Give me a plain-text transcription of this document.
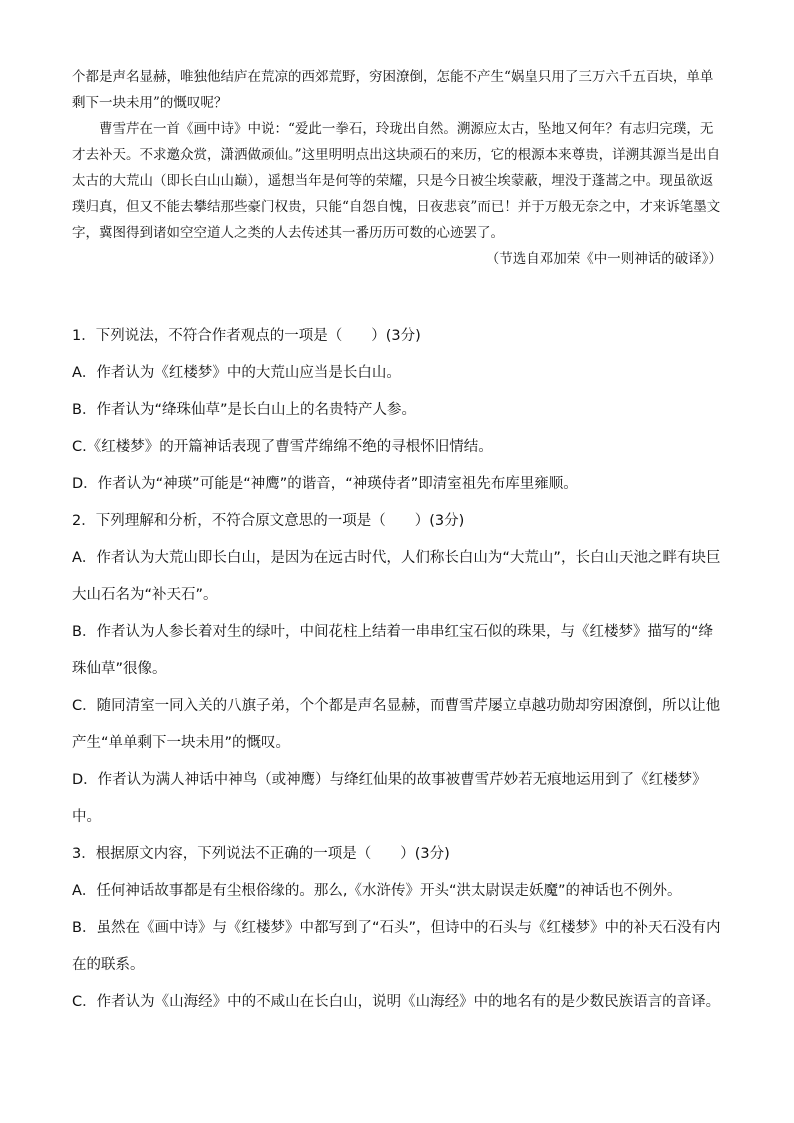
个都是声名显赫，唯独他结庐在荒凉的西郊荒野，穷困潦倒，怎能不产生“娲皇只用了三万六千五百块，单单剩下一块未用”的慨叹呢？

曹雪芹在一首《画中诗》中说：“爱此一拳石，玲珑出自然。溯源应太古，坠地又何年？有志归完璞，无才去补天。不求邀众赏，潇洒做顽仙。”这里明明点出这块顽石的来历，它的根源本来尊贵，详溯其源当是出自太古的大荒山（即长白山山巅），遥想当年是何等的荣耀，只是今日被尘埃蒙蔽，埋没于蓬蒿之中。现虽欲返璞归真，但又不能去攀结那些豪门权贵，只能“自怨自愧，日夜悲哀”而已！并于万般无奈之中，才来诉笔墨文字，冀图得到诸如空空道人之类的人去传述其一番历历可数的心迹罢了。

（节选自邓加荣《中一则神话的破译》）

1．下列说法，不符合作者观点的一项是（　　）(3分)

A．作者认为《红楼梦》中的大荒山应当是长白山。

B．作者认为“绛珠仙草”是长白山上的名贵特产人参。

C.《红楼梦》的开篇神话表现了曹雪芹绵绵不绝的寻根怀旧情结。

D．作者认为“神瑛”可能是“神鹰”的谐音，“神瑛侍者”即清室祖先布库里雍顺。

2．下列理解和分析，不符合原文意思的一项是（　　）(3分)

A．作者认为大荒山即长白山，是因为在远古时代，人们称长白山为“大荒山”，长白山天池之畔有块巨大山石名为“补天石”。

B．作者认为人参长着对生的绿叶，中间花柱上结着一串串红宝石似的珠果，与《红楼梦》描写的“绛珠仙草”很像。

C．随同清室一同入关的八旗子弟，个个都是声名显赫，而曹雪芹屡立卓越功勋却穷困潦倒，所以让他产生“单单剩下一块未用”的慨叹。

D．作者认为满人神话中神鸟（或神鹰）与绛红仙果的故事被曹雪芹妙若无痕地运用到了《红楼梦》中。

3．根据原文内容，下列说法不正确的一项是（　　）(3分)

A．任何神话故事都是有尘根俗缘的。那么,《水浒传》开头“洪太尉误走妖魔”的神话也不例外。

B．虽然在《画中诗》与《红楼梦》中都写到了“石头”，但诗中的石头与《红楼梦》中的补天石没有内在的联系。

C．作者认为《山海经》中的不咸山在长白山，说明《山海经》中的地名有的是少数民族语言的音译。
